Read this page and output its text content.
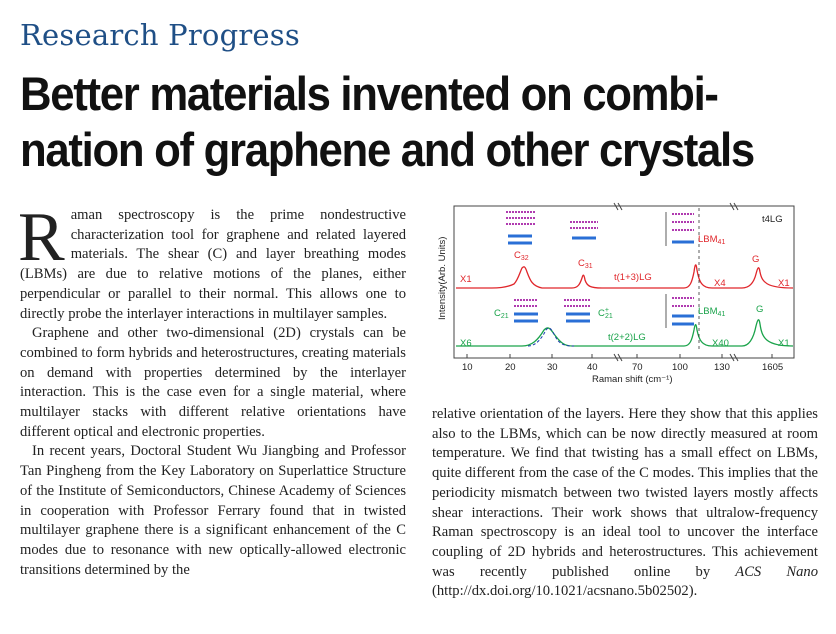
Research Progress
Better materials invented on combi-
nation of graphene and other crystals

Raman spectroscopy is the prime nondestructive characterization tool for graphene and related layered materials. The shear (C) and layer breathing modes (LBMs) are due to relative motions of the planes, either perpendicular or parallel to their normal. This allows one to directly probe the interlayer interactions in multilayer samples.

Graphene and other two-dimensional (2D) crystals can be combined to form hybrids and heterostructures, creating materials on demand with properties determined by the interlayer interaction. This is the case even for a single material, where multilayer stacks with different relative orientations have different optical and electronic properties.

In recent years, Doctoral Student Wu Jiangbing and Professor Tan Pingheng from the Key Laboratory on Superlattice Structure of the Institute of Semiconductors, Chinese Academy of Sciences in cooperation with Professor Ferrary found that in twisted multilayer graphene there is a significant enhancement of the C modes due to resonance with new optically-allowed electronic transitions determined by the

t4LG
Intensity(Arb. Units) X1
$C_{32}$	$C_{31}$
t(1+3)LG
$LBM_{41}$
X4
G
X1
X6
$C_{21}$	C+ 21
t(2+2)LG
$LBM_{41}$
X40
G
X1
10	20	30	40	70	100	130	1605
Raman shift (cm⁻¹)

relative orientation of the layers. Here they show that this applies also to the LBMs, which can be now directly measured at room temperature. We find that twisting has a small effect on LBMs, quite different from the case of the C modes. This implies that the periodicity mismatch between two twisted layers mostly affects shear interactions. Their work shows that ultralow-frequency Raman spectroscopy is an ideal tool to uncover the interface coupling of 2D hybrids and heterostructures. This achievement was recently published online by ACS Nano (http://dx.doi.org/10.1021/acsnano.5b02502).
